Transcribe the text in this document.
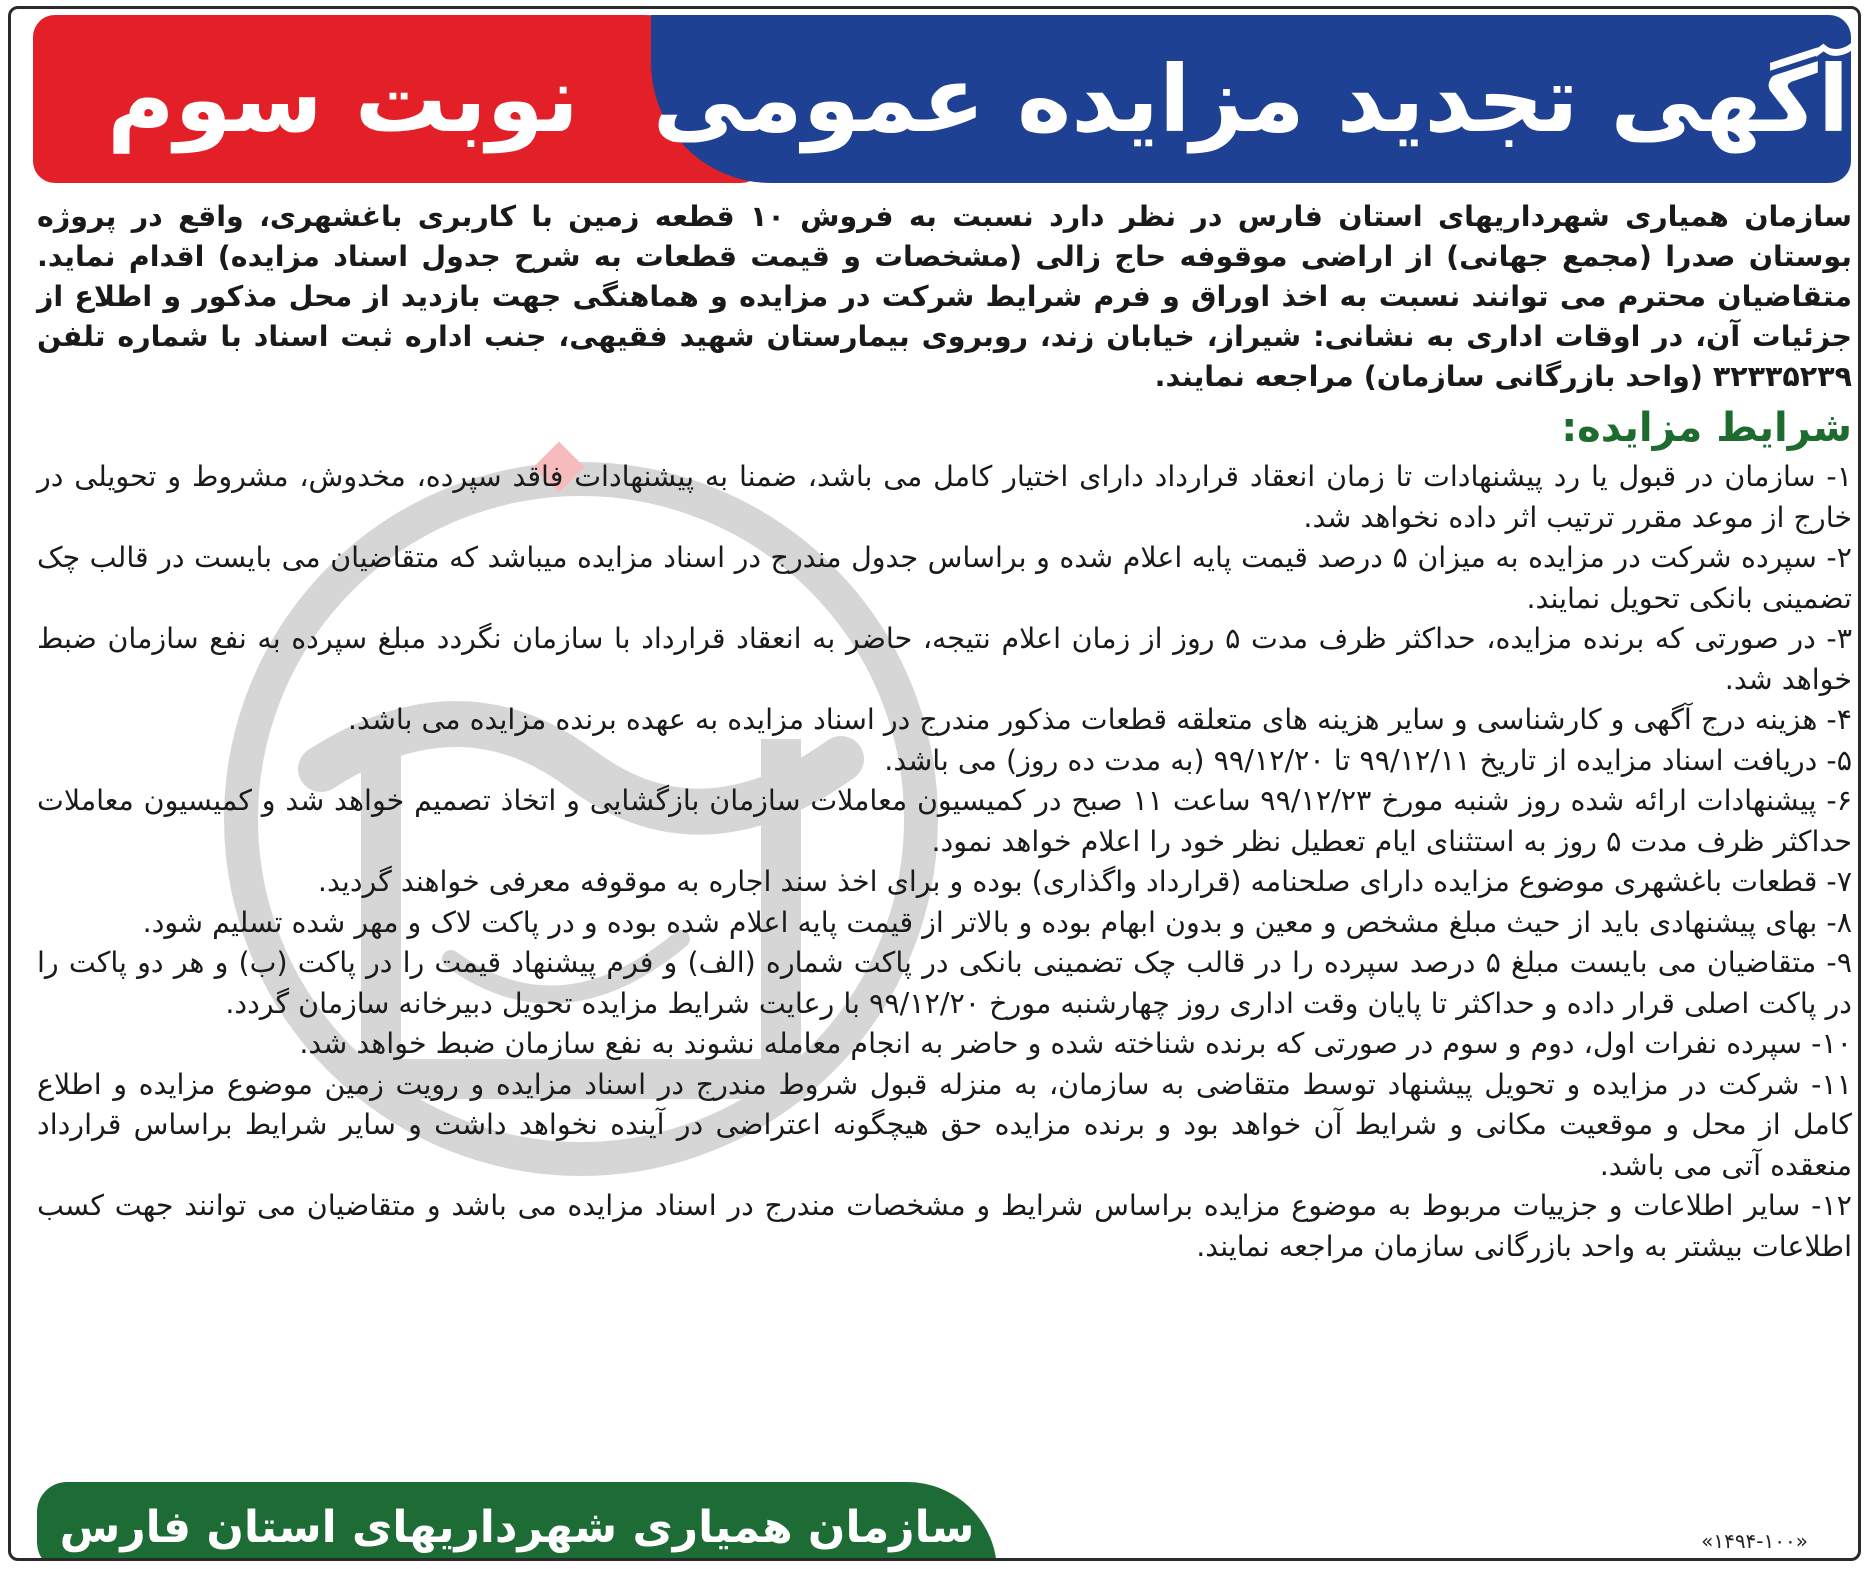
نوبت سوم آگهی تجدید مزایده عمومی

سازمان همیاری شهرداریهای استان فارس در نظر دارد نسبت به فروش ۱۰ قطعه زمین با کاربری باغشهری، واقع در پروژه بوستان صدرا (مجمع جهانی) از اراضی موقوفه حاج زالی (مشخصات و قیمت قطعات به شرح جدول اسناد مزایده) اقدام نماید. متقاضیان محترم می توانند نسبت به اخذ اوراق و فرم شرایط شرکت در مزایده و هماهنگی جهت بازدید از محل مذکور و اطلاع از جزئیات آن، در اوقات اداری به نشانی: شیراز، خیابان زند، روبروی بیمارستان شهید فقیهی، جنب اداره ثبت اسناد با شماره تلفن ۳۲۳۳۵۲۳۹ (واحد بازرگانی سازمان) مراجعه نمایند.

شرایط مزایده:
۱- سازمان در قبول یا رد پیشنهادات تا زمان انعقاد قرارداد دارای اختیار کامل می باشد، ضمنا به پیشنهادات فاقد سپرده، مخدوش، مشروط و تحویلی در خارج از موعد مقرر ترتیب اثر داده نخواهد شد.
۲- سپرده شرکت در مزایده به میزان ۵ درصد قیمت پایه اعلام شده و براساس جدول مندرج در اسناد مزایده میباشد که متقاضیان می بایست در قالب چک تضمینی بانکی تحویل نمایند.
۳- در صورتی که برنده مزایده، حداکثر ظرف مدت ۵ روز از زمان اعلام نتیجه، حاضر به انعقاد قرارداد با سازمان نگردد مبلغ سپرده به نفع سازمان ضبط خواهد شد.
۴- هزینه درج آگهی و کارشناسی و سایر هزینه های متعلقه قطعات مذکور مندرج در اسناد مزایده به عهده برنده مزایده می باشد.
۵- دریافت اسناد مزایده از تاریخ ۹۹/۱۲/۱۱ تا ۹۹/۱۲/۲۰ (به مدت ده روز) می باشد.
۶- پیشنهادات ارائه شده روز شنبه مورخ ۹۹/۱۲/۲۳ ساعت ۱۱ صبح در کمیسیون معاملات سازمان بازگشایی و اتخاذ تصمیم خواهد شد و کمیسیون معاملات حداکثر ظرف مدت ۵ روز به استثنای ایام تعطیل نظر خود را اعلام خواهد نمود.
۷- قطعات باغشهری موضوع مزایده دارای صلحنامه (قرارداد واگذاری) بوده و برای اخذ سند اجاره به موقوفه معرفی خواهند گردید.
۸- بهای پیشنهادی باید از حیث مبلغ مشخص و معین و بدون ابهام بوده و بالاتر از قیمت پایه اعلام شده بوده و در پاکت لاک و مهر شده تسلیم شود.
۹- متقاضیان می بایست مبلغ ۵ درصد سپرده را در قالب چک تضمینی بانکی در پاکت شماره (الف) و فرم پیشنهاد قیمت را در پاکت (ب) و هر دو پاکت را در پاکت اصلی قرار داده و حداکثر تا پایان وقت اداری روز چهارشنبه مورخ ۹۹/۱۲/۲۰ با رعایت شرایط مزایده تحویل دبیرخانه سازمان گردد.
۱۰- سپرده نفرات اول، دوم و سوم در صورتی که برنده شناخته شده و حاضر به انجام معامله نشوند به نفع سازمان ضبط خواهد شد.
۱۱- شرکت در مزایده و تحویل پیشنهاد توسط متقاضی به سازمان، به منزله قبول شروط مندرج در اسناد مزایده و رویت زمین موضوع مزایده و اطلاع کامل از محل و موقعیت مکانی و شرایط آن خواهد بود و برنده مزایده حق هیچگونه اعتراضی در آینده نخواهد داشت و سایر شرایط براساس قرارداد منعقده آتی می باشد.
۱۲- سایر اطلاعات و جزییات مربوط به موضوع مزایده براساس شرایط و مشخصات مندرج در اسناد مزایده می باشد و متقاضیان می توانند جهت کسب اطلاعات بیشتر به واحد بازرگانی سازمان مراجعه نمایند.
سازمان همیاری شهرداریهای استان فارس	«۱۴۹۴-۱۰۰»
